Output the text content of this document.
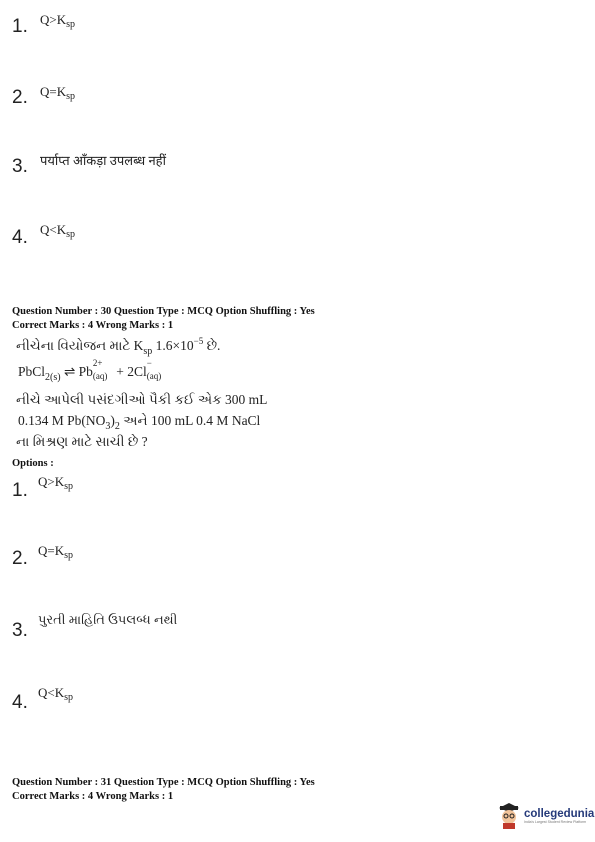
1. $Q>K_{sp}$
2. $Q=K_{sp}$
3. पर्याप्त आँकड़ा उपलब्ध नहीं
4. $Q<K_{sp}$
Question Number : 30 Question Type : MCQ Option Shuffling : Yes
Correct Marks : 4 Wrong Marks : 1
નીચેના વિયોજન માટે $K_{sp}$ $1.6\times 10^{-5}$ છે.
PbCl$_{2(s)}$ ⇌ Pb
2+
(aq) + 2Cl
−
(aq)
નીચે આપેલી પસંદગીઓ પૈકી કઈ એક 300 mL
0.134 M $Pb(NO_3)_2$ અને 100 mL 0.4 M NaCl
ના મિશ્રણ માટે સાચી છે ?
Options :
1. $Q>K_{sp}$
2. $Q=K_{sp}$
3.
પુરતી માહિતિ ઉપલબ્ધ નથી
4. $Q<K_{sp}$
Question Number : 31 Question Type : MCQ Option Shuffling : Yes
Correct Marks : 4 Wrong Marks : 1
collegedunia
India's Largest Student Review Platform
